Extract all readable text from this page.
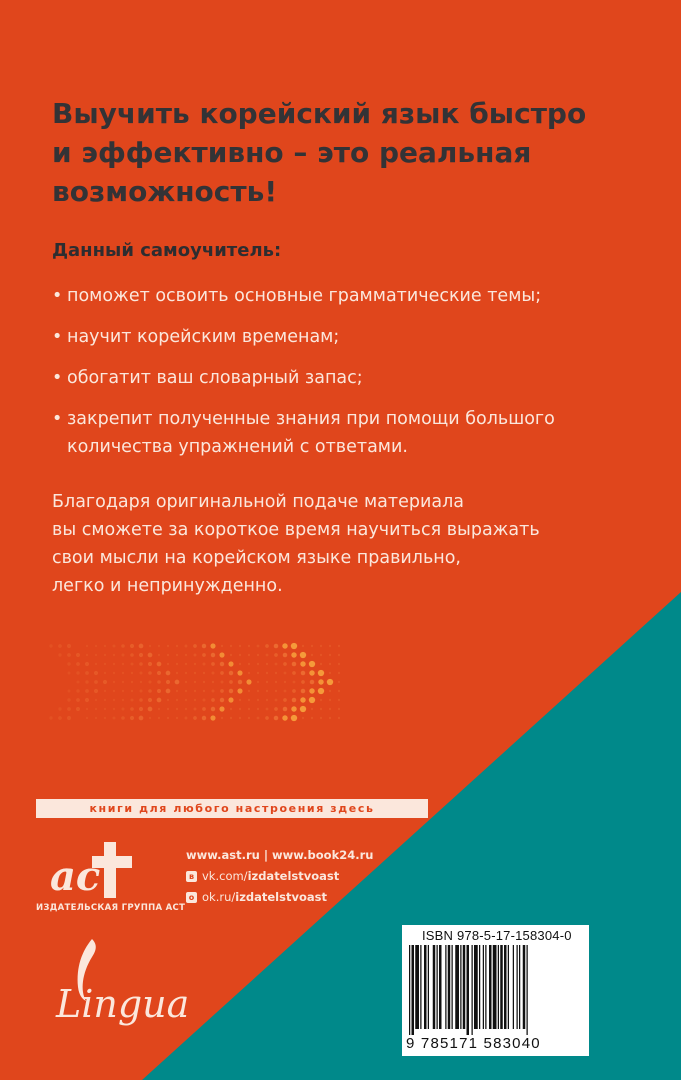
Выучить корейский язык быстро
и эффективно – это реальная
возможность!
Данный самоучитель:
• поможет освоить основные грамматические темы;
• научит корейским временам;
• обогатит ваш словарный запас;
• закрепит полученные знания при помощи большого
количества упражнений с ответами.

Благодаря оригинальной подаче материала
вы сможете за короткое время научиться выражать
свои мысли на корейском языке правильно,
легко и непринужденно.

книги для любого настроения здесь
ac
ИЗДАТЕЛЬСКАЯ ГРУППА АСТ
Lingua
www.ast.ru | www.book24.ru
в vk.com/ izdatelstvoast
о ok.ru/ izdatelstvoast
ISBN 978-5-17-158304-0
9 785171 583040
